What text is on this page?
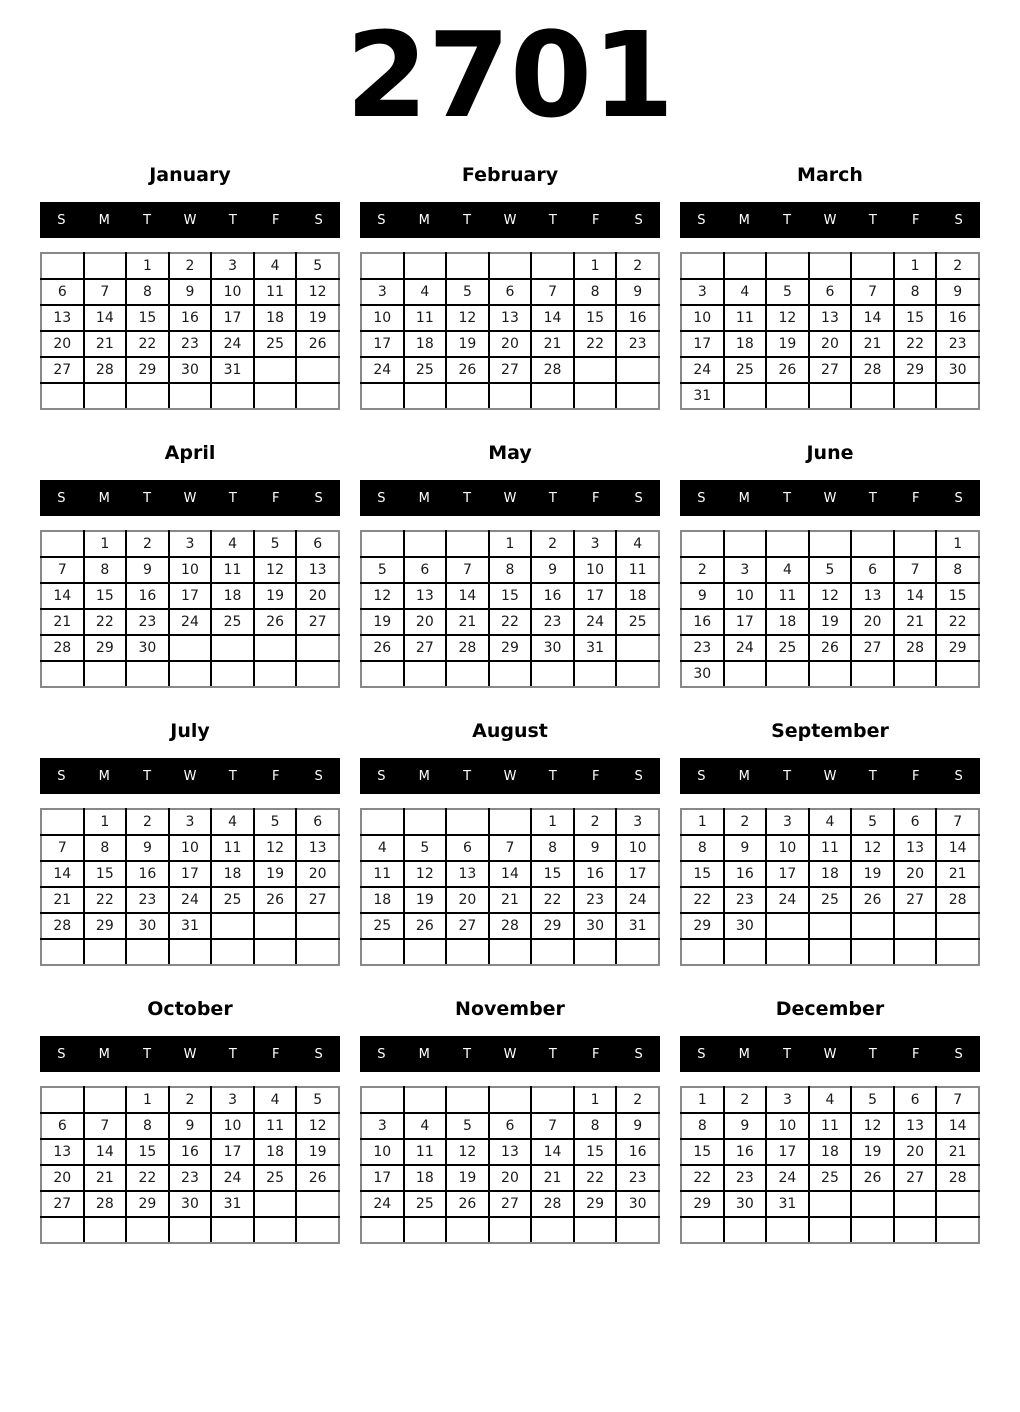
2701
January
S	M	T	W	T	F	S
		1	2	3	4	5
6	7	8	9	10	11	12
13	14	15	16	17	18	19
20	21	22	23	24	25	26
27	28	29	30	31		

February
S	M	T	W	T	F	S
					1	2
3	4	5	6	7	8	9
10	11	12	13	14	15	16
17	18	19	20	21	22	23
24	25	26	27	28		

March
S	M	T	W	T	F	S
					1	2
3	4	5	6	7	8	9
10	11	12	13	14	15	16
17	18	19	20	21	22	23
24	25	26	27	28	29	30
31						
April
S	M	T	W	T	F	S
	1	2	3	4	5	6
7	8	9	10	11	12	13
14	15	16	17	18	19	20
21	22	23	24	25	26	27
28	29	30				

May
S	M	T	W	T	F	S
			1	2	3	4
5	6	7	8	9	10	11
12	13	14	15	16	17	18
19	20	21	22	23	24	25
26	27	28	29	30	31	

June
S	M	T	W	T	F	S
						1
2	3	4	5	6	7	8
9	10	11	12	13	14	15
16	17	18	19	20	21	22
23	24	25	26	27	28	29
30						
July
S	M	T	W	T	F	S
	1	2	3	4	5	6
7	8	9	10	11	12	13
14	15	16	17	18	19	20
21	22	23	24	25	26	27
28	29	30	31			

August
S	M	T	W	T	F	S
				1	2	3
4	5	6	7	8	9	10
11	12	13	14	15	16	17
18	19	20	21	22	23	24
25	26	27	28	29	30	31

September
S	M	T	W	T	F	S
1	2	3	4	5	6	7
8	9	10	11	12	13	14
15	16	17	18	19	20	21
22	23	24	25	26	27	28
29	30					

October
S	M	T	W	T	F	S
		1	2	3	4	5
6	7	8	9	10	11	12
13	14	15	16	17	18	19
20	21	22	23	24	25	26
27	28	29	30	31		

November
S	M	T	W	T	F	S
					1	2
3	4	5	6	7	8	9
10	11	12	13	14	15	16
17	18	19	20	21	22	23
24	25	26	27	28	29	30

December
S	M	T	W	T	F	S
1	2	3	4	5	6	7
8	9	10	11	12	13	14
15	16	17	18	19	20	21
22	23	24	25	26	27	28
29	30	31				
